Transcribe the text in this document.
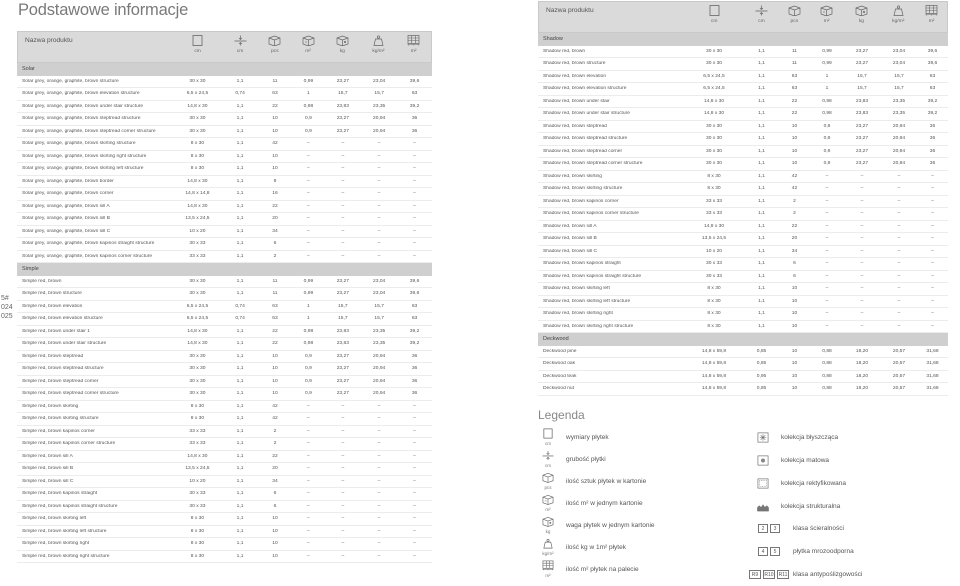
Podstawowe informacje
5#
024
025
Nazwa produktu
cm	cm	pcs	m²	kg	kg/m²	m²
Solar
Solar grey, orange, graphite, brown structure	30 x 30	1,1	11	0,99	23,27	23,04	39,6
Solar grey, orange, graphite, brown elevation structure	6,5 x 24,5	0,74	63	1	15,7	15,7	63
Solar grey, orange, graphite, brown under stair structure	14,8 x 30	1,1	22	0,98	23,83	23,35	39,2
Solar grey, orange, graphite, brown steptread structure	30 x 30	1,1	10	0,9	23,27	20,94	36
Solar grey, orange, graphite, brown steptread corner structure	30 x 30	1,1	10	0,9	23,27	20,94	36
Solar grey, orange, graphite, brown skirting structure	8 x 30	1,1	42	–	–	–	–
Solar grey, orange, graphite, brown skirting right structure	8 x 30	1,1	10	–	–	–	–
Solar grey, orange, graphite, brown skirting left structure	8 x 30	1,1	10	–	–	–	–
Solar grey, orange, graphite, brown border	14,8 x 30	1,1	8	–	–	–	–
Solar grey, orange, graphite, brown corner	14,8 x 14,8	1,1	16	–	–	–	–
Solar grey, orange, graphite, brown sill A	14,8 x 30	1,1	22	–	–	–	–
Solar grey, orange, graphite, brown sill B	13,5 x 24,5	1,1	20	–	–	–	–
Solar grey, orange, graphite, brown sill C	10 x 20	1,1	34	–	–	–	–
Solar grey, orange, graphite, brown kapinos straight structure	30 x 33	1,1	6	–	–	–	–
Solar grey, orange, graphite, brown kapinos corner structure	33 x 33	1,1	2	–	–	–	–
Simple
Simple red, brown	30 x 30	1,1	11	0,99	23,27	23,04	39,6
Simple red, brown structure	30 x 30	1,1	11	0,99	23,27	23,04	39,6
Simple red, brown elevation	6,5 x 24,5	0,74	63	1	15,7	15,7	63
Simple red, brown elevation structure	6,5 x 24,5	0,74	63	1	15,7	15,7	63
Simple red, brown under stair 1	14,8 x 30	1,1	22	0,98	23,83	23,35	39,2
Simple red, brown under stair structure	14,8 x 30	1,1	22	0,98	23,83	23,35	39,2
Simple red, brown steptread	30 x 30	1,1	10	0,9	23,27	20,94	36
Simple red, brown steptread structure	30 x 30	1,1	10	0,9	23,27	20,94	36
Simple red, brown steptread corner	30 x 30	1,1	10	0,9	23,27	20,94	36
Simple red, brown steptread corner structure	30 x 30	1,1	10	0,9	23,27	20,94	36
Simple red, brown skirting	8 x 30	1,1	42	–	–	–	–
Simple red, brown skirting structure	8 x 30	1,1	42	–	–	–	–
Simple red, brown kapinos corner	33 x 33	1,1	2	–	–	–	–
Simple red, brown kapinos corner structure	33 x 33	1,1	2	–	–	–	–
Simple red, brown sill A	14,8 x 30	1,1	22	–	–	–	–
Simple red, brown sill B	13,5 x 24,5	1,1	20	–	–	–	–
Simple red, brown sill C	10 x 20	1,1	34	–	–	–	–
Simple red, brown kapinos straight	30 x 33	1,1	6	–	–	–	–
Simple red, brown kapinos straight structure	30 x 33	1,1	6	–	–	–	–
Simple red, brown skirting left	8 x 30	1,1	10	–	–	–	–
Simple red, brown skirting left structure	8 x 30	1,1	10	–	–	–	–
Simple red, brown skirting right	8 x 30	1,1	10	–	–	–	–
Simple red, brown skirting right structure	8 x 30	1,1	10	–	–	–	–
Nazwa produktu
cm	cm	pcs	m²	kg	kg/m²	m²
Shadow
Shadow red, brown	30 x 30	1,1	11	0,99	23,27	23,04	39,6
Shadow red, brown structure	30 x 30	1,1	11	0,99	23,27	23,04	39,6
Shadow red, brown elevation	6,5 x 24,5	1,1	63	1	15,7	15,7	63
Shadow red, brown elevation structure	6,5 x 24,5	1,1	63	1	15,7	15,7	63
Shadow red, brown under stair	14,8 x 30	1,1	22	0,98	23,83	23,35	39,2
Shadow red, brown under stair structure	14,8 x 30	1,1	22	0,98	23,83	23,35	39,2
Shadow red, brown steptread	30 x 30	1,1	10	0,9	23,27	20,94	36
Shadow red, brown steptread structure	30 x 30	1,1	10	0,9	23,27	20,94	36
Shadow red, brown steptread corner	30 x 30	1,1	10	0,9	23,27	20,94	36
Shadow red, brown steptread corner structure	30 x 30	1,1	10	0,9	23,27	20,94	36
Shadow red, brown skirting	8 x 30	1,1	42	–	–	–	–
Shadow red, brown skirting structure	8 x 30	1,1	42	–	–	–	–
Shadow red, brown kapinos corner	33 x 33	1,1	2	–	–	–	–
Shadow red, brown kapinos corner structure	33 x 33	1,1	2	–	–	–	–
Shadow red, brown sill A	14,8 x 30	1,1	22	–	–	–	–
Shadow red, brown sill B	13,5 x 24,5	1,1	20	–	–	–	–
Shadow red, brown sill C	10 x 20	1,1	34	–	–	–	–
Shadow red, brown kapinos straight	30 x 33	1,1	6	–	–	–	–
Shadow red, brown kapinos straight structure	30 x 33	1,1	6	–	–	–	–
Shadow red, brown skirting left	8 x 30	1,1	10	–	–	–	–
Shadow red, brown skirting left structure	8 x 30	1,1	10	–	–	–	–
Shadow red, brown skirting right	8 x 30	1,1	10	–	–	–	–
Shadow red, brown skirting right structure	8 x 30	1,1	10	–	–	–	–
Deckwood
Deckwood pine	14,8 x 59,8	0,85	10	0,88	18,20	20,57	31,68
Deckwood oak	14,8 x 59,8	0,85	10	0,88	18,20	20,57	31,68
Deckwood teak	14,8 x 59,8	0,95	10	0,88	18,20	20,57	31,68
Deckwood nut	14,8 x 59,8	0,85	10	0,88	18,20	20,57	31,68
Legenda
cm
wymiary płytek
cm
grubość płytki
pcs
ilość sztuk płytek w kartonie
m²
ilość m² w jednym kartonie
kg
waga płytek w jednym kartonie
kg/m²
ilość kg w 1m² płytek
m²
ilość m² płytek na palecie
kolekcja błyszcząca
kolekcja matowa
kolekcja rektyfikowana
kolekcja strukturalna
2	3	klasa ścieralności
4	5	płytka mrozoodporna
R9	R10	R11 klasa antypoślizgowości
